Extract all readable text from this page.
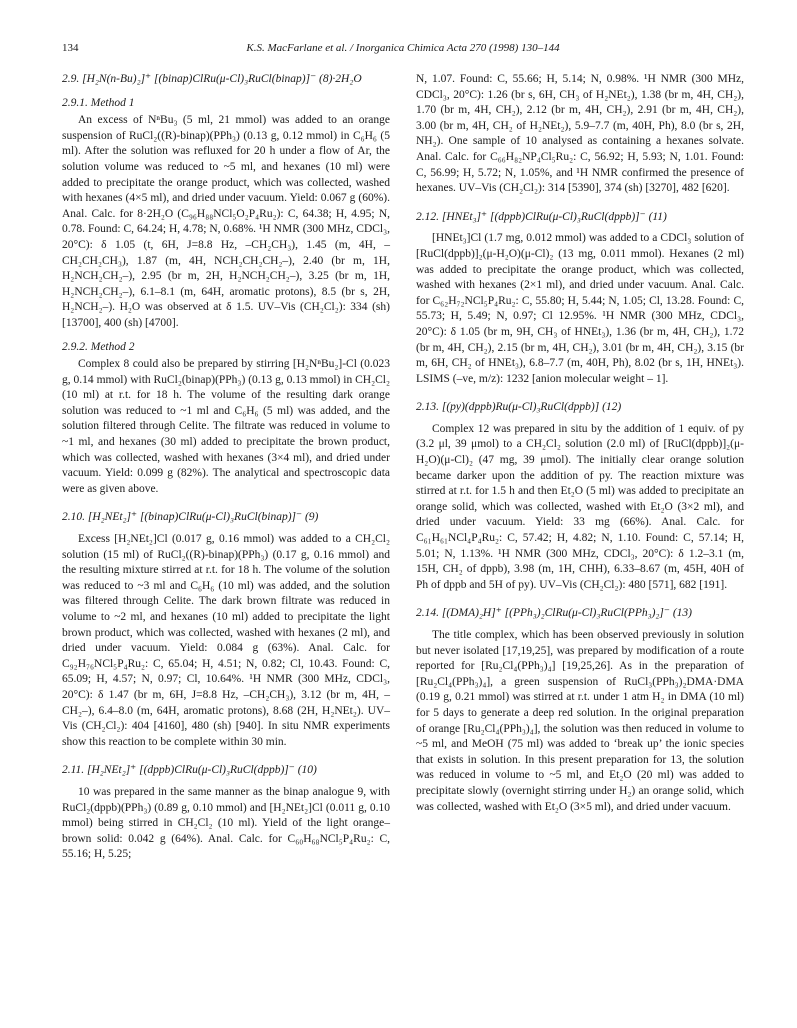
134	K.S. MacFarlane et al. / Inorganica Chimica Acta 270 (1998) 130–144

2.9. [H₂N(n-Bu)₂]⁺ [(binap)ClRu(μ-Cl)₃RuCl(binap)]⁻ (8)·2H₂O

2.9.1. Method 1

An excess of NⁿBu₃ (5 ml, 21 mmol) was added to an orange suspension of RuCl₂((R)-binap)(PPh₃) (0.13 g, 0.12 mmol) in C₆H₆ (5 ml). After the solution was refluxed for 20 h under a flow of Ar, the solution volume was reduced to ~5 ml, and hexanes (10 ml) were added to precipitate the orange product, which was collected, washed with hexanes (4×5 ml), and dried under vacuum. Yield: 0.067 g (60%). Anal. Calc. for 8·2H₂O (C₉₆H₈₈NCl₅O₂P₄Ru₂): C, 64.38; H, 4.95; N, 0.78. Found: C, 64.24; H, 4.78; N, 0.68%. ¹H NMR (300 MHz, CDCl₃, 20°C): δ 1.05 (t, 6H, J=8.8 Hz, –CH₂CH₃), 1.45 (m, 4H, –CH₂CH₂CH₃), 1.87 (m, 4H, NCH₂CH₂CH₂–), 2.40 (br m, 1H, H₂NCH₂CH₂–), 2.95 (br m, 2H, H₂NCH₂CH₂–), 3.25 (br m, 1H, H₂NCH₂CH₂–), 6.1–8.1 (m, 64H, aromatic protons), 8.5 (br s, 2H, H₂NCH₂–). H₂O was observed at δ 1.5. UV–Vis (CH₂Cl₂): 334 (sh) [13700], 400 (sh) [4700].

2.9.2. Method 2

Complex 8 could also be prepared by stirring [H₂NⁿBu₂]-Cl (0.023 g, 0.14 mmol) with RuCl₂(binap)(PPh₃) (0.13 g, 0.13 mmol) in CH₂Cl₂ (10 ml) at r.t. for 18 h. The volume of the resulting dark orange solution was reduced to ~1 ml and C₆H₆ (5 ml) was added, and the solution filtered through Celite. The filtrate was reduced in volume to ~1 ml, and hexanes (30 ml) added to precipitate the brown product, which was collected, washed with hexanes (3×4 ml), and dried under vacuum. Yield: 0.099 g (82%). The analytical and spectroscopic data were as given above.

2.10. [H₂NEt₂]⁺ [(binap)ClRu(μ-Cl)₃RuCl(binap)]⁻ (9)

Excess [H₂NEt₂]Cl (0.017 g, 0.16 mmol) was added to a CH₂Cl₂ solution (15 ml) of RuCl₂((R)-binap)(PPh₃) (0.17 g, 0.16 mmol) and the resulting mixture stirred at r.t. for 18 h. The volume of the solution was reduced to ~3 ml and C₆H₆ (10 ml) was added, and the solution was filtered through Celite. The dark brown filtrate was reduced in volume to ~2 ml, and hexanes (10 ml) added to precipitate the light brown product, which was collected, washed with hexanes (2 ml), and dried under vacuum. Yield: 0.084 g (63%). Anal. Calc. for C₉₂H₇₆NCl₅P₄Ru₂: C, 65.04; H, 4.51; N, 0.82; Cl, 10.43. Found: C, 65.09; H, 4.57; N, 0.97; Cl, 10.64%. ¹H NMR (300 MHz, CDCl₃, 20°C): δ 1.47 (br m, 6H, J=8.8 Hz, –CH₂CH₃), 3.12 (br m, 4H, –CH₂–), 6.4–8.0 (m, 64H, aromatic protons), 8.68 (2H, H₂NEt₂). UV–Vis (CH₂Cl₂): 404 [4160], 480 (sh) [940]. In situ NMR experiments show this reaction to be complete within 30 min.

2.11. [H₂NEt₂]⁺ [(dppb)ClRu(μ-Cl)₃RuCl(dppb)]⁻ (10)

10 was prepared in the same manner as the binap analogue 9, with RuCl₂(dppb)(PPh₃) (0.89 g, 0.10 mmol) and [H₂NEt₂]Cl (0.011 g, 0.10 mmol) being stirred in CH₂Cl₂ (10 ml). Yield of the light orange–brown solid: 0.042 g (64%). Anal. Calc. for C₆₀H₆₈NCl₅P₄Ru₂: C, 55.16; H, 5.25;

N, 1.07. Found: C, 55.66; H, 5.14; N, 0.98%. ¹H NMR (300 MHz, CDCl₃, 20°C): 1.26 (br s, 6H, CH₃ of H₂NEt₂), 1.38 (br m, 4H, CH₂), 1.70 (br m, 4H, CH₂), 2.12 (br m, 4H, CH₂), 2.91 (br m, 4H, CH₂), 3.00 (br m, 4H, CH₂ of H₂NEt₂), 5.9–7.7 (m, 40H, Ph), 8.0 (br s, 2H, NH₂). One sample of 10 analysed as containing a hexanes solvate. Anal. Calc. for C₆₆H₈₂NP₄Cl₅Ru₂: C, 56.92; H, 5.93; N, 1.01. Found: C, 56.99; H, 5.72; N, 1.05%, and ¹H NMR confirmed the presence of hexanes. UV–Vis (CH₂Cl₂): 314 [5390], 374 (sh) [3270], 482 [620].

2.12. [HNEt₃]⁺ [(dppb)ClRu(μ-Cl)₃RuCl(dppb)]⁻ (11)

[HNEt₃]Cl (1.7 mg, 0.012 mmol) was added to a CDCl₃ solution of [RuCl(dppb)]₂(μ-H₂O)(μ-Cl)₂ (13 mg, 0.011 mmol). Hexanes (2 ml) was added to precipitate the orange product, which was collected, washed with hexanes (2×1 ml), and dried under vacuum. Anal. Calc. for C₆₂H₇₂NCl₅P₄Ru₂: C, 55.80; H, 5.44; N, 1.05; Cl, 13.28. Found: C, 55.73; H, 5.49; N, 0.97; Cl 12.95%. ¹H NMR (300 MHz, CDCl₃, 20°C): δ 1.05 (br m, 9H, CH₃ of HNEt₃), 1.36 (br m, 4H, CH₂), 1.72 (br m, 4H, CH₂), 2.15 (br m, 4H, CH₂), 3.01 (br m, 4H, CH₂), 3.15 (br m, 6H, CH₂ of HNEt₃), 6.8–7.7 (m, 40H, Ph), 8.02 (br s, 1H, HNEt₃). LSIMS (–ve, m/z): 1232 [anion molecular weight – 1].

2.13. [(py)(dppb)Ru(μ-Cl)₃RuCl(dppb)] (12)

Complex 12 was prepared in situ by the addition of 1 equiv. of py (3.2 μl, 39 μmol) to a CH₂Cl₂ solution (2.0 ml) of [RuCl(dppb)]₂(μ-H₂O)(μ-Cl)₂ (47 mg, 39 μmol). The initially clear orange solution became darker upon the addition of py. The reaction mixture was stirred at r.t. for 1.5 h and then Et₂O (5 ml) was added to precipitate an orange solid, which was collected, washed with Et₂O (3×2 ml), and dried under vacuum. Yield: 33 mg (66%). Anal. Calc. for C₆₁H₆₁NCl₄P₄Ru₂: C, 57.42; H, 4.82; N, 1.10. Found: C, 57.14; H, 5.01; N, 1.13%. ¹H NMR (300 MHz, CDCl₃, 20°C): δ 1.2–3.1 (m, 15H, CH₂ of dppb), 3.98 (m, 1H, CHH), 6.33–8.67 (m, 45H, 40H of Ph of dppb and 5H of py). UV–Vis (CH₂Cl₂): 480 [571], 682 [191].

2.14. [(DMA)₂H]⁺ [(PPh₃)₂ClRu(μ-Cl)₃RuCl(PPh₃)₂]⁻ (13)

The title complex, which has been observed previously in solution but never isolated [17,19,25], was prepared by modification of a route reported for [Ru₂Cl₄(PPh₃)₄] [19,25,26]. As in the preparation of [Ru₂Cl₄(PPh₃)₄], a green suspension of RuCl₃(PPh₃)₂DMA·DMA (0.19 g, 0.21 mmol) was stirred at r.t. under 1 atm H₂ in DMA (10 ml) for 5 days to generate a deep red solution. In the original preparation of orange [Ru₂Cl₄(PPh₃)₄], the solution was then reduced in volume to ~5 ml, and MeOH (75 ml) was added to ‘break up’ the ionic species that exists in solution. In this present preparation for 13, the solution was reduced in volume to ~5 ml, and Et₂O (20 ml) was added to precipitate slowly (overnight stirring under H₂) an orange solid, which was collected, washed with Et₂O (3×5 ml), and dried under vacuum.
